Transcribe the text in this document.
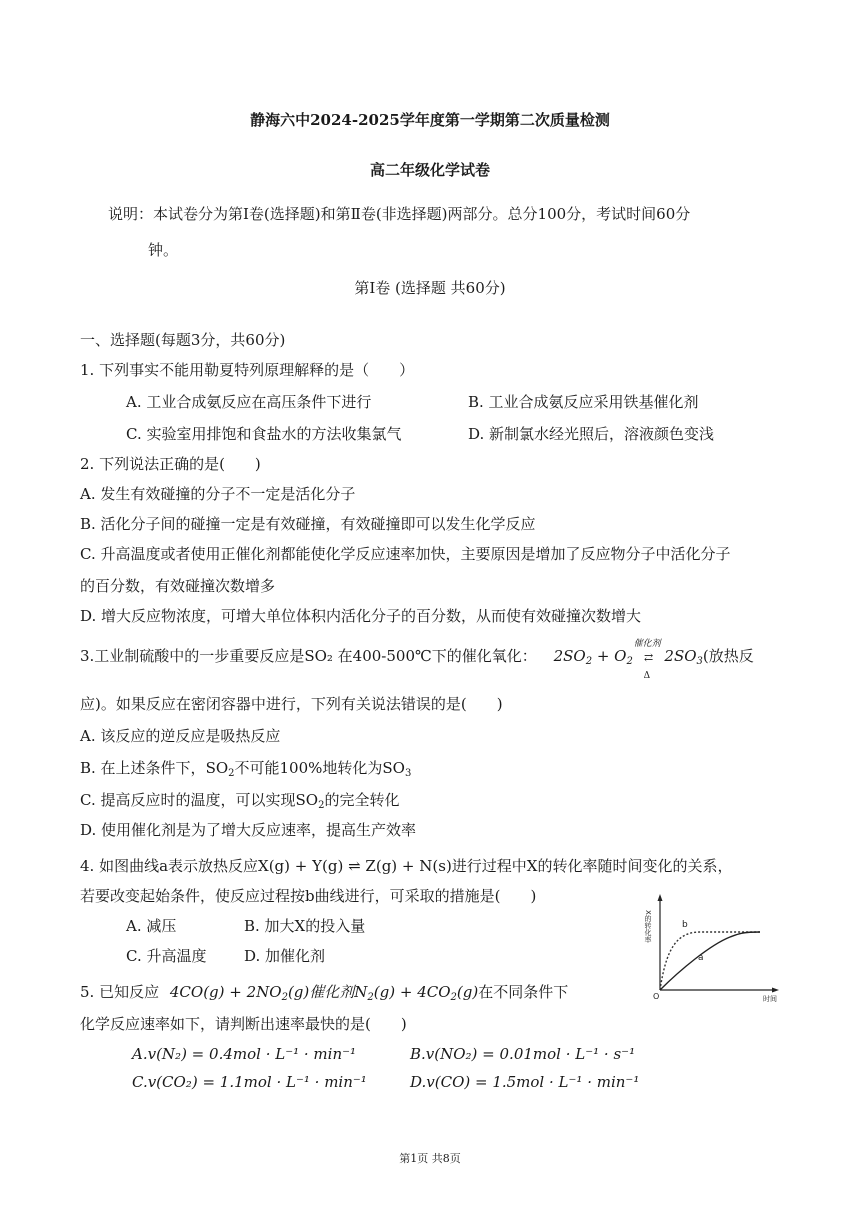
静海六中2024-2025学年度第一学期第二次质量检测
高二年级化学试卷
说明：本试卷分为第Ⅰ卷(选择题)和第Ⅱ卷(非选择题)两部分。总分100分，考试时间60分
钟。
第Ⅰ卷 (选择题 共60分)
一、选择题(每题3分，共60分)
1. 下列事实不能用勒夏特列原理解释的是（　　）
A. 工业合成氨反应在高压条件下进行	B. 工业合成氨反应采用铁基催化剂
C. 实验室用排饱和食盐水的方法收集氯气	D. 新制氯水经光照后，溶液颜色变浅
2. 下列说法正确的是(　　)
A. 发生有效碰撞的分子不一定是活化分子
B. 活化分子间的碰撞一定是有效碰撞，有效碰撞即可以发生化学反应
C. 升高温度或者使用正催化剂都能使化学反应速率加快，主要原因是增加了反应物分子中活化分子
的百分数，有效碰撞次数增多
D. 增大反应物浓度，可增大单位体积内活化分子的百分数，从而使有效碰撞次数增大
3.工业制硫酸中的一步重要反应是SO₂ 在400-500℃下的催化氧化： $2SO_2 + O_2$
催化剂
⇄
Δ
$2SO_3$(放热反
应)。如果反应在密闭容器中进行，下列有关说法错误的是(　　)
A. 该反应的逆反应是吸热反应
B. 在上述条件下，$SO_2$不可能100%地转化为$SO_3$
C. 提高反应时的温度，可以实现$SO_2$的完全转化
D. 使用催化剂是为了增大反应速率，提高生产效率
4. 如图曲线a表示放热反应X(g) + Y(g) ⇌ Z(g) + N(s)进行过程中X的转化率随时间变化的关系，
若要改变起始条件，使反应过程按b曲线进行，可采取的措施是(　　)
A. 减压	B. 加大X的投入量
C. 升高温度	D. 加催化剂
X的转化率
时间
O
b
a
5. 已知反应 $4CO(g) + 2NO_2(g)$催化剂$N_2(g) + 4CO_2(g)$在不同条件下
化学反应速率如下，请判断出速率最快的是(　　)
A.v(N₂) = 0.4mol · L⁻¹ · min⁻¹	B.v(NO₂) = 0.01mol · L⁻¹ · s⁻¹
C.v(CO₂) = 1.1mol · L⁻¹ · min⁻¹	D.v(CO) = 1.5mol · L⁻¹ · min⁻¹
第1页 共8页
